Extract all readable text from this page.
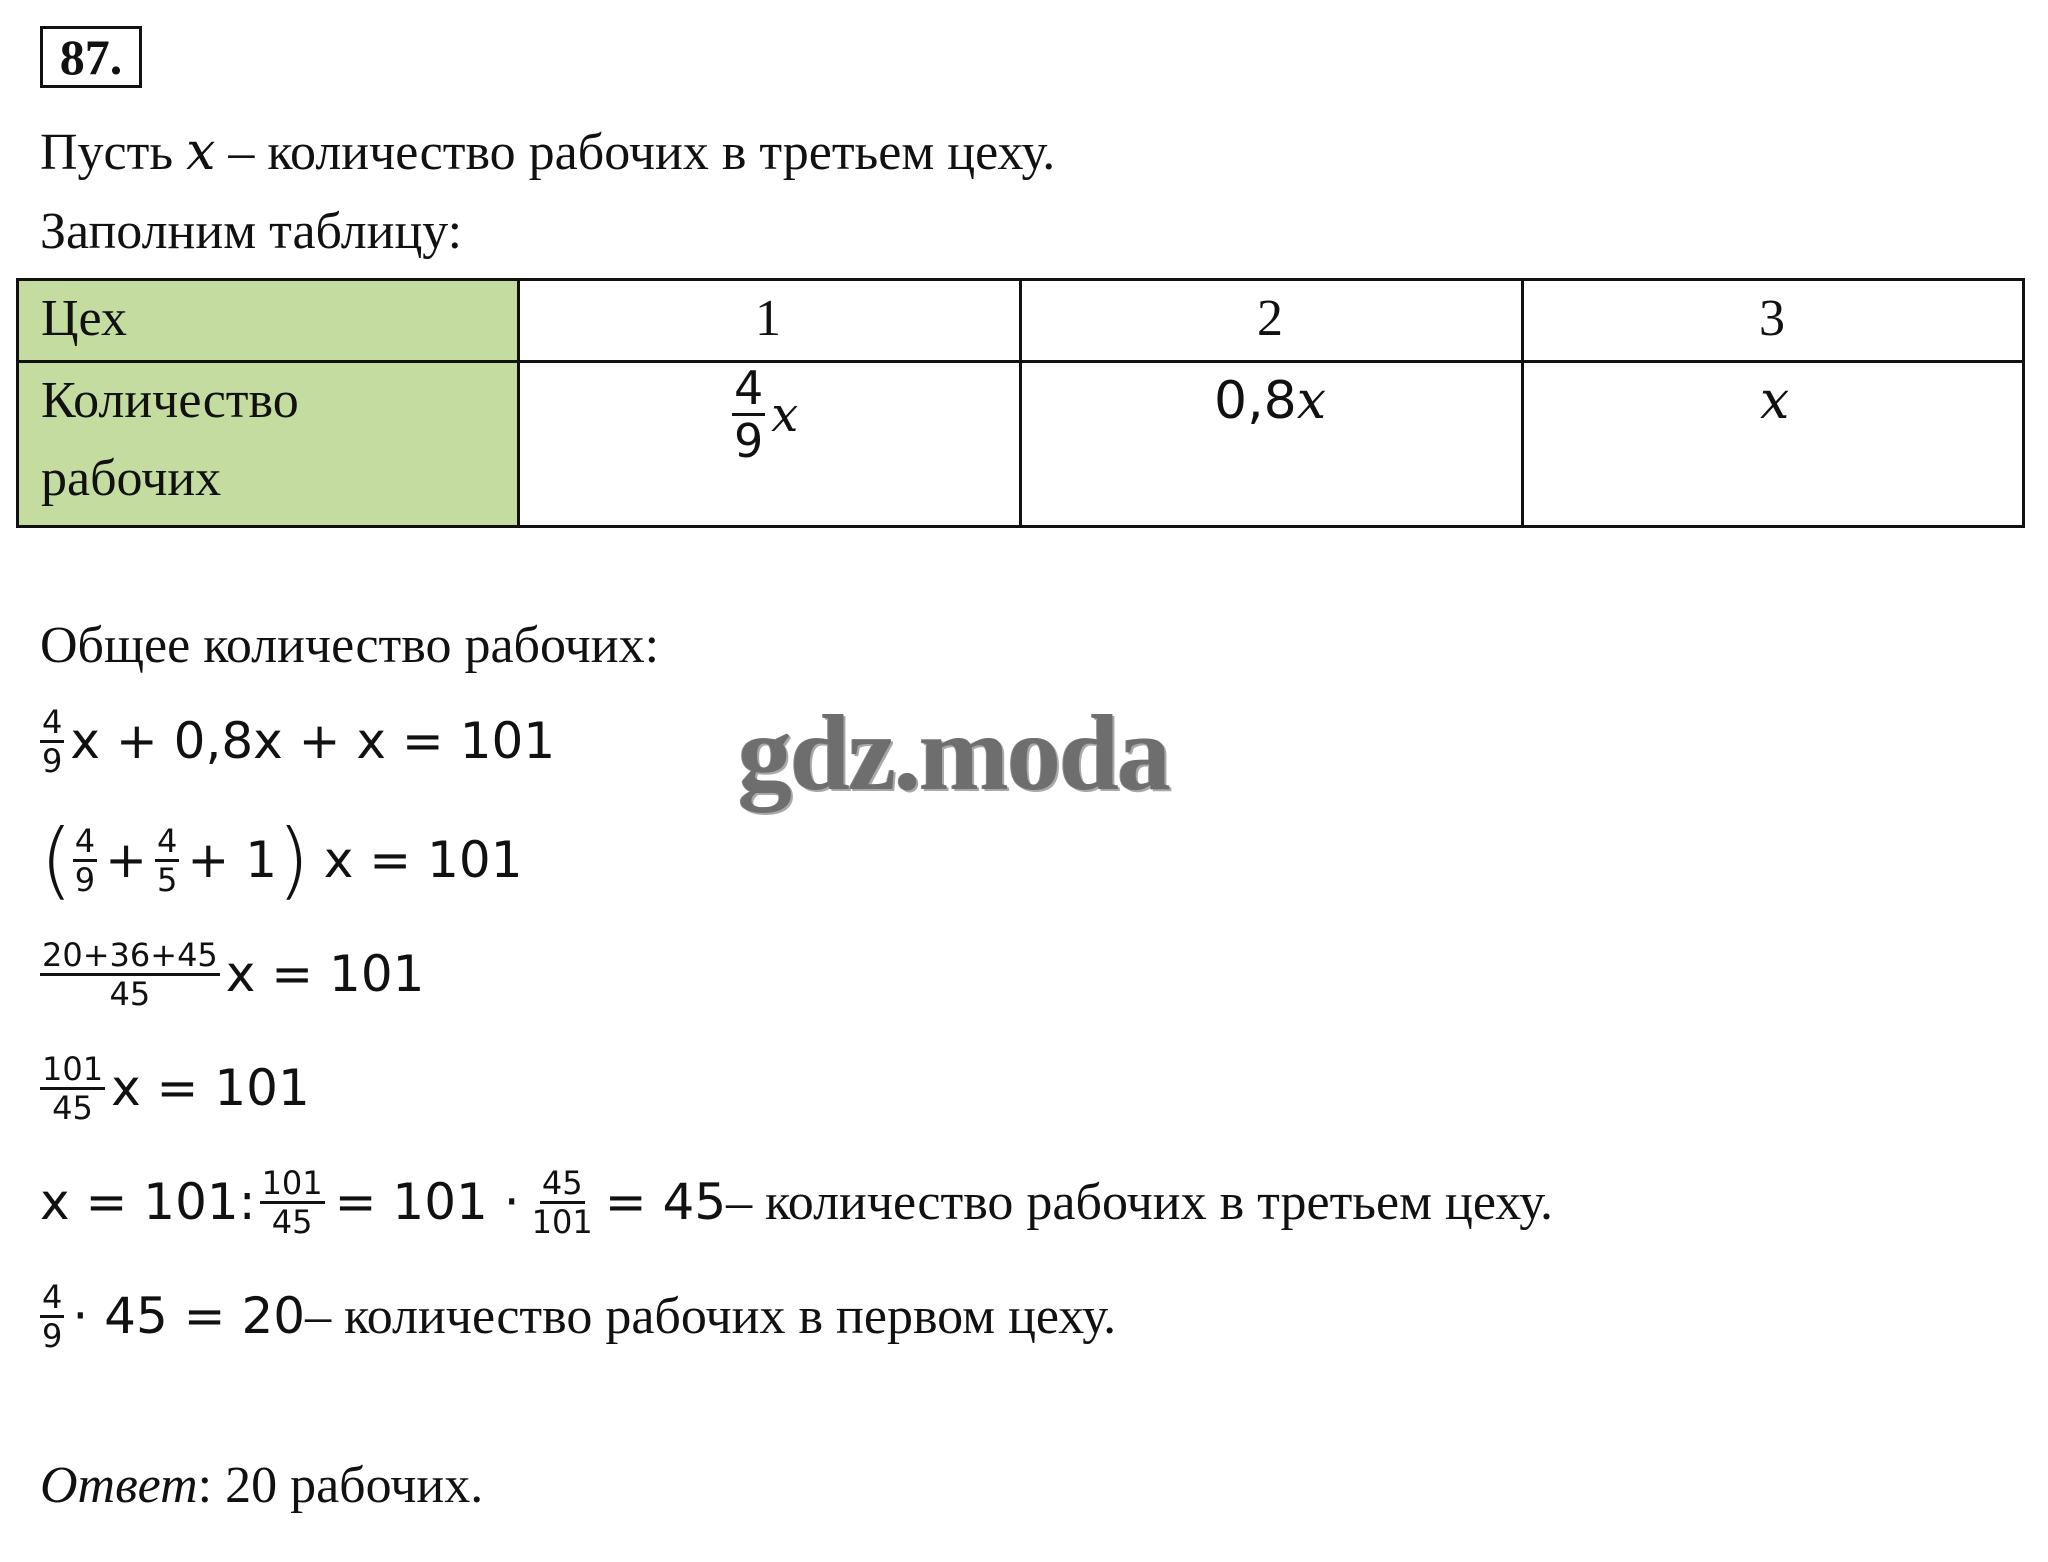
87.
Пусть x – количество рабочих в третьем цеху.
Заполним таблицу:
Цех	1	2	3
Количество
рабочих
$\frac{4}{9}$ x	0,8x	x
Общее количество рабочих:
$\frac{4}{9}$ x + 0,8x + x = 101
( $\frac{4}{9} + \frac{4}{5} + 1$ ) x = 101
$\frac{20+36+45}{45}$ x = 101
$\frac{101}{45}$ x = 101
x = 101: $\frac{101}{45} = 101 \cdot \frac{45}{101} = 45$ – количество рабочих в третьем цеху.
$\frac{4}{9} \cdot 45 = 20$ – количество рабочих в первом цеху.
Ответ: 20 рабочих.
gdz.moda
